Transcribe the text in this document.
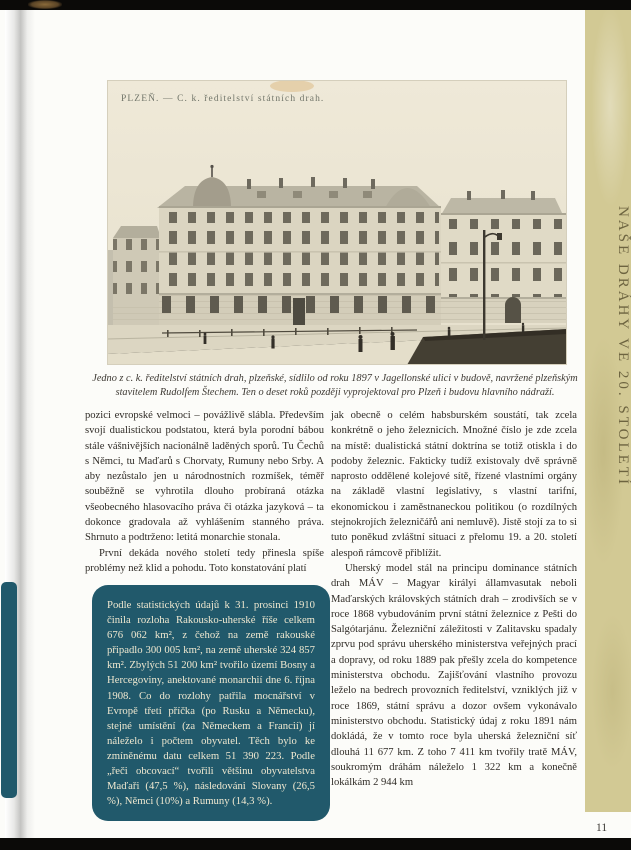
NAŠE DRÁHY VE 20. STOLETÍ
PLZEŇ. — C. k. ředitelství státních drah.
Jedno z c. k. ředitelství státních drah, plzeňské, sídlilo od roku 1897 v Jagellonské ulici v budově, navržené plzeňským stavitelem Rudolfem Štechem. Ten o deset roků později vyprojektoval pro Plzeň i budovu hlavního nádraží.

pozici evropské velmoci – povážlivě slábla. Především svojí dualistickou podstatou, která byla porodní bábou stále vášnivějších nacionálně laděných sporů. Tu Čechů s Němci, tu Maďarů s Chorvaty, Rumuny nebo Srby. A aby nezůstalo jen u národnostních rozmíšek, téměř souběžně se vyhrotila dlouho probíraná otázka všeobecného hlasovacího práva či otázka jazyková – ta dokonce gradovala až vyhlášením stanného práva. Shrnuto a podtrženo: letitá monarchie stonala.

První dekáda nového století tedy přinesla spíše problémy než klid a pohodu. Toto konstatování platí

jak obecně o celém habsburském soustátí, tak zcela konkrétně o jeho železnicích. Množné číslo je zde zcela na místě: dualistická státní doktrína se totiž otiskla i do podoby železnic. Fakticky tudíž existovaly dvě správně naprosto oddělené kolejové sítě, řízené vlastními orgány na základě vlastní legislativy, s vlastní tarifní, ekonomickou i zaměstnaneckou politikou (o rozdílných stejnokrojích železničářů ani nemluvě). Jistě stojí za to si tuto poněkud zvláštní situaci z přelomu 19. a 20. století alespoň rámcově přiblížit.

Uherský model stál na principu dominance státních drah MÁV – Magyar királyi államvasutak neboli Maďarských královských státních drah – zrodivších se v roce 1868 vybudováním první státní železnice z Pešti do Salgótarjánu. Železniční záležitosti v Zalitavsku spadaly zprvu pod správu uherského ministerstva veřejných prací a dopravy, od roku 1889 pak přešly zcela do kompetence ministerstva obchodu. Zajišťování vlastního provozu leželo na bedrech provozních ředitelství, vzniklých již v roce 1869, státní správu a dozor ovšem vykonávalo ministerstvo obchodu. Statistický údaj z roku 1891 nám dokládá, že v tomto roce byla uherská železniční síť dlouhá 11 677 km. Z toho 7 411 km tvořily tratě MÁV, soukromým dráhám náleželo 1 322 km a konečně lokálkám 2 944 km

Podle statistických údajů k 31. prosinci 1910 činila rozloha Rakousko-uherské říše celkem 676 062 km², z čehož na země rakouské připadlo 300 005 km², na země uherské 324 857 km². Zbylých 51 200 km² tvořilo území Bosny a Hercegoviny, anektované monarchií dne 6. října 1908. Co do rozlohy patřila mocnářství v Evropě třetí příčka (po Rusku a Německu), stejné umístění (za Německem a Francií) jí náleželo i počtem obyvatel. Těch bylo ke zmíněnému datu celkem 51 390 223. Podle „řeči obcovací“ tvořili většinu obyvatelstva Maďaři (47,5 %), následováni Slovany (26,5 %), Němci (10%) a Rumuny (14,3 %).
11
